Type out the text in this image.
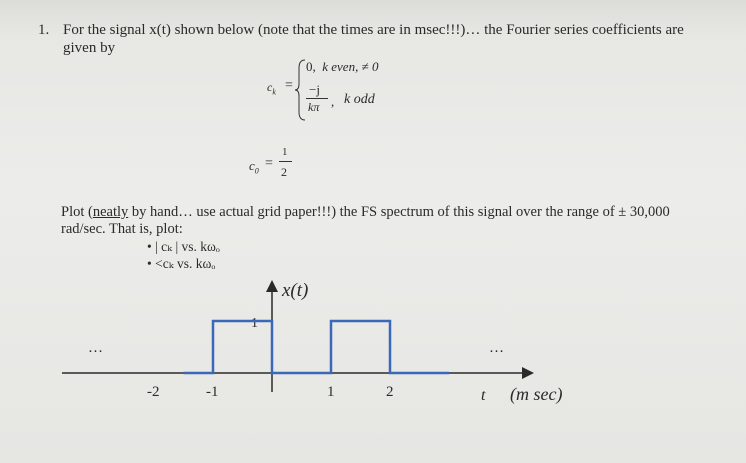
1. For the signal x(t) shown below (note that the times are in msec!!!)… the Fourier series coefficients are
given by
$c_k$ =
0, k even, ≠ 0
−j
kπ , k odd
$c_0$
=
1
2
Plot (neatly by hand… use actual grid paper!!!) the FS spectrum of this signal over the range of ± 30,000
rad/sec. That is, plot:
• | cₖ | vs. kωₒ
• <cₖ vs. kωₒ
x(t)
1
…	…
-2	-1	1	2	t (m sec)
